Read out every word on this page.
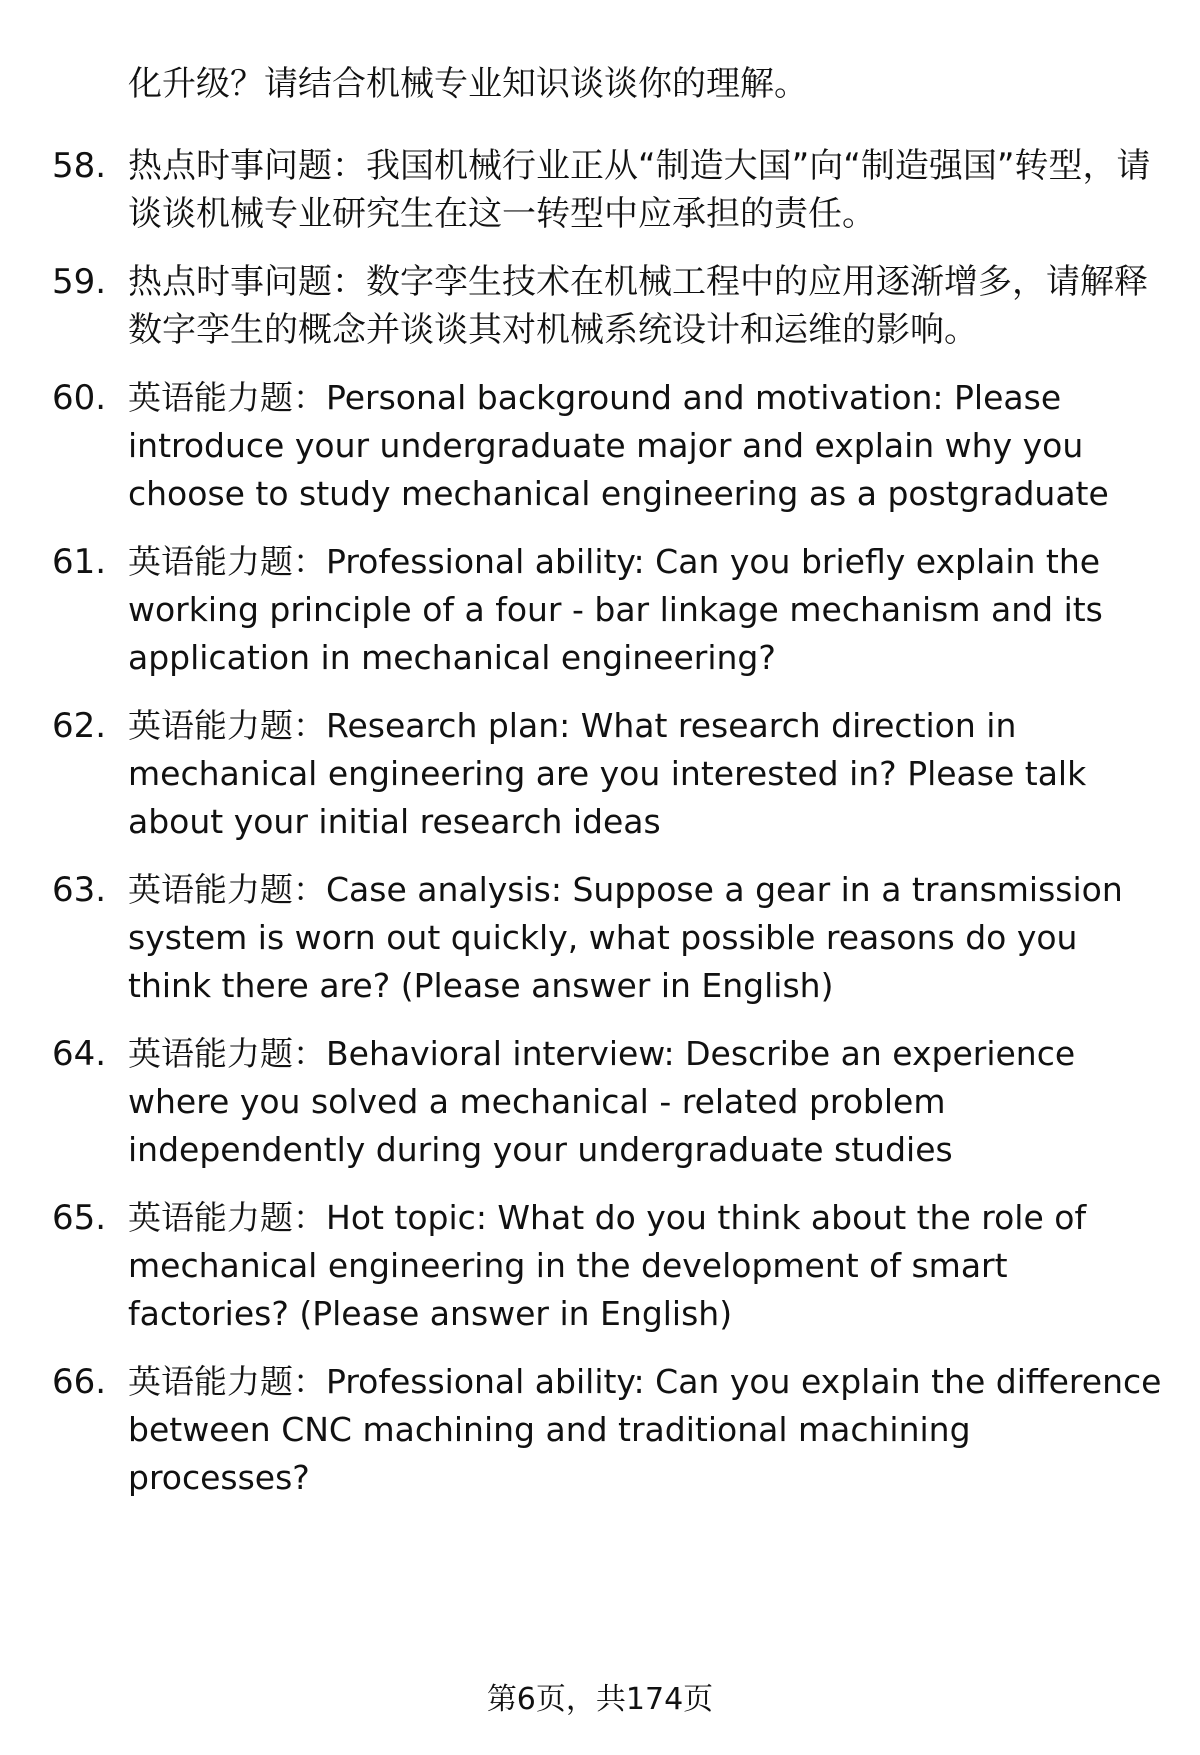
化升级？请结合机械专业知识谈谈你的理解。
58. 热点时事问题：我国机械行业正从“制造大国”向“制造强国”转型，请谈谈机械专业研究生在这一转型中应承担的责任。
59. 热点时事问题：数字孪生技术在机械工程中的应用逐渐增多，请解释数字孪生的概念并谈谈其对机械系统设计和运维的影响。
60. 英语能力题：Personal background and motivation: Please introduce your undergraduate major and explain why you choose to study mechanical engineering as a postgraduate
61. 英语能力题：Professional ability: Can you briefly explain the working principle of a four - bar linkage mechanism and its application in mechanical engineering?
62. 英语能力题：Research plan: What research direction in mechanical engineering are you interested in? Please talk about your initial research ideas
63. 英语能力题：Case analysis: Suppose a gear in a transmission system is worn out quickly, what possible reasons do you think there are? (Please answer in English)
64. 英语能力题：Behavioral interview: Describe an experience where you solved a mechanical - related problem independently during your undergraduate studies
65. 英语能力题：Hot topic: What do you think about the role of mechanical engineering in the development of smart factories? (Please answer in English)
66. 英语能力题：Professional ability: Can you explain the difference between CNC machining and traditional machining processes?
第6页，共174页
